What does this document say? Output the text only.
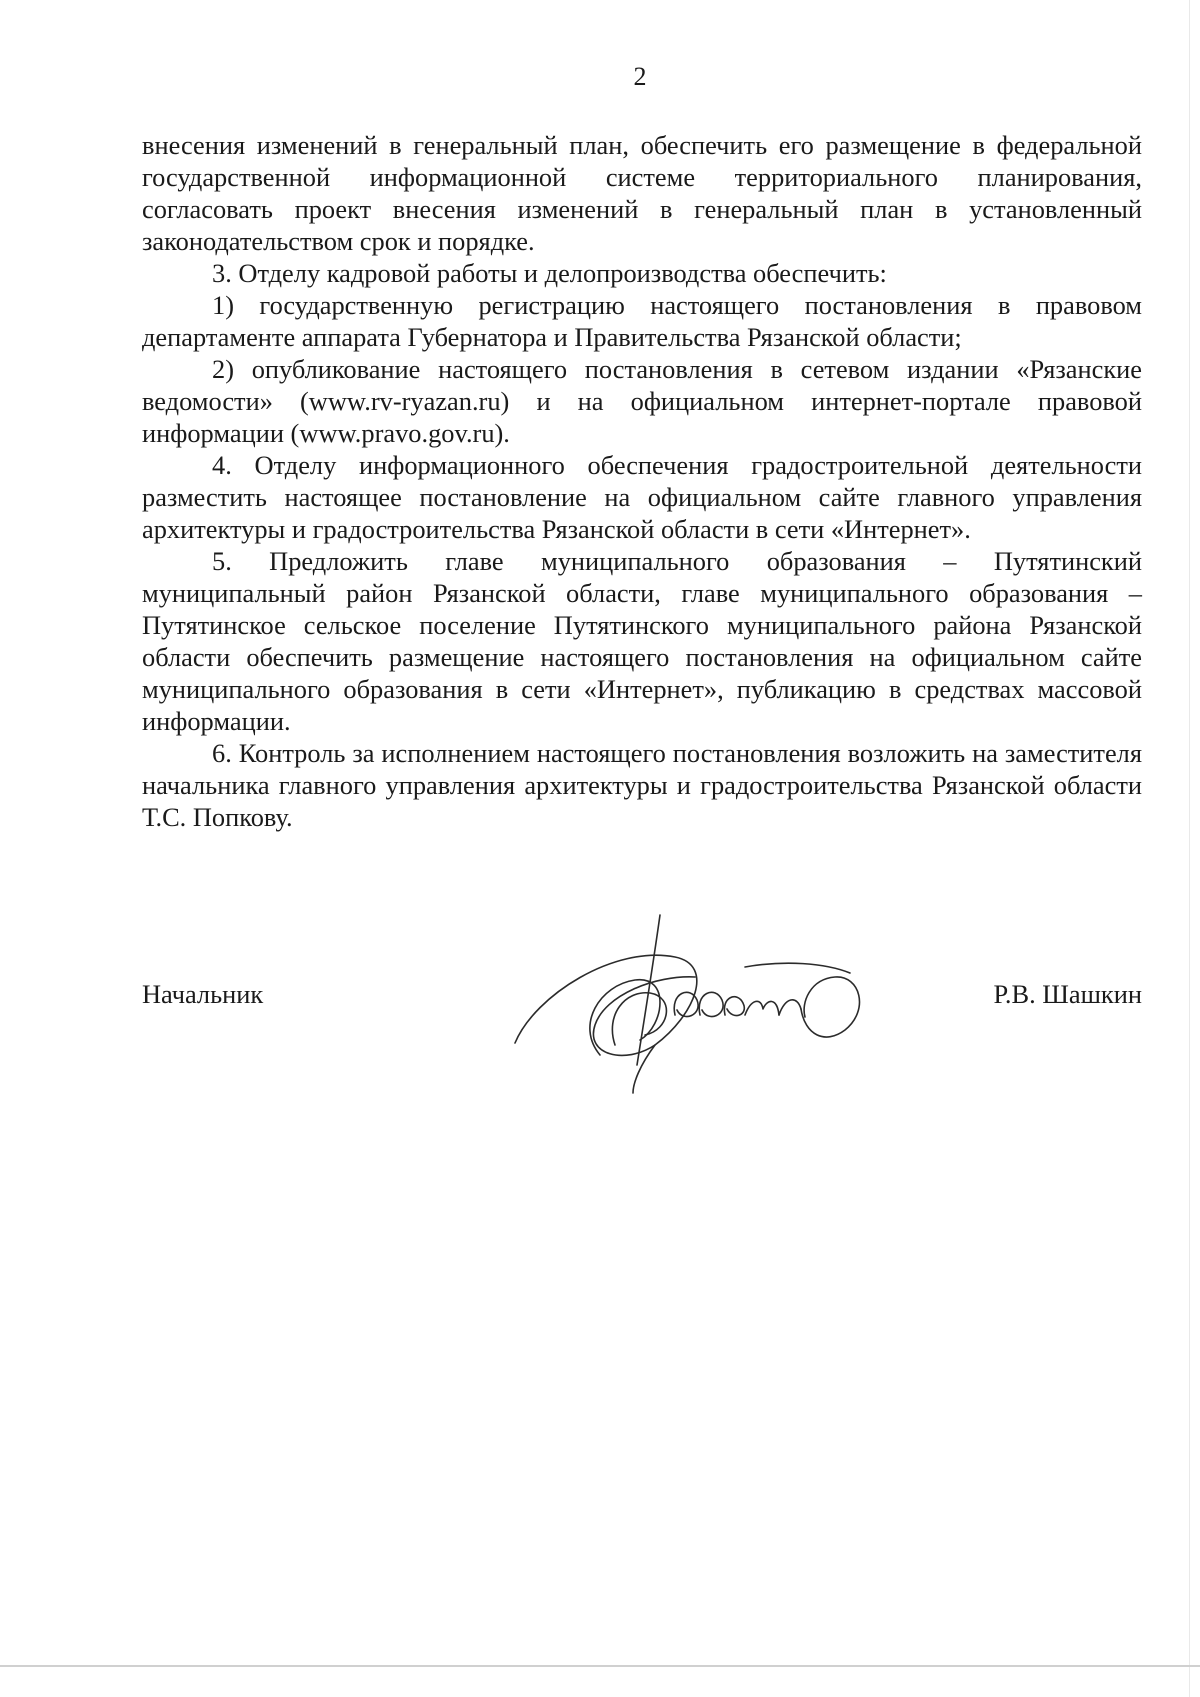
2

внесения изменений в генеральный план, обеспечить его размещение в федеральной государственной информационной системе территориального планирования, согласовать проект внесения изменений в генеральный план в установленный законодательством срок и порядке.

3. Отделу кадровой работы и делопроизводства обеспечить:

1) государственную регистрацию настоящего постановления в правовом департаменте аппарата Губернатора и Правительства Рязанской области;

2) опубликование настоящего постановления в сетевом издании «Рязанские ведомости» (www.rv-ryazan.ru) и на официальном интернет-портале правовой информации (www.pravo.gov.ru).

4. Отделу информационного обеспечения градостроительной деятельности разместить настоящее постановление на официальном сайте главного управления архитектуры и градостроительства Рязанской области в сети «Интернет».

5. Предложить главе муниципального образования – Путятинский муниципальный район Рязанской области, главе муниципального образования – Путятинское сельское поселение Путятинского муниципального района Рязанской области обеспечить размещение настоящего постановления на официальном сайте муниципального образования в сети «Интернет», публикацию в средствах массовой информации.

6. Контроль за исполнением настоящего постановления возложить на заместителя начальника главного управления архитектуры и градостроительства Рязанской области Т.С. Попкову.

Начальник	Р.В. Шашкин
